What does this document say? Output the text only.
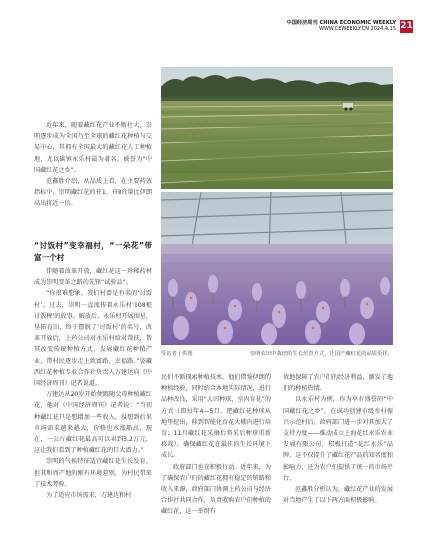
中国经济周刊 CHINA ECONOMIC WEEKLY
WWW.CEWEEKLY.CN 2024.4.15 21
受访者 | 供图	崇明农田中栽培的生长培育方式，让国产藏红花的品质更佳。

近年来，随着藏红花产业不断壮大，崇明逐步成为全国乃至全球的藏红花种植与交易中心，其拥有全国最大的藏红花人工种植地，尤以碳镇永乐村最为著名。被誉为“中国藏红花之乡”。

范鑫胜介绍，从品质上看，在主要药效指标中，崇明藏红花的苷1、苷Ⅱ含量比伊朗高出将近一倍。

“讨饭村”变幸福村，“一朵花”带富一个村

伴随着改革开放，藏红花这一珍稀药材成为崇明变革之路的先锋“试验品”。

“你很难想象，我们村曾是有名的‘讨饭村’。过去，崇明一直流传着永乐村‘108根讨饭棒’的故事。解放后，永乐村开展围垦，垦拓良田，终于摆脱了‘讨饭村’的名号，改革开放后，上药公司对永乐村给对帮扶，帮其改变传统种植方式，发展藏红花种植产业，带村民逐步走上致富路、幸福路。”姿藏西红花种植专业合作社负责人万建达向《中国经济周刊》记者说道。

万建达从20岁开始便跟随父母种植藏红花，他对《中国经济周刊》记者说：“当初种藏红花只是想增加一些收入，没想到后来市场需求越来越大，价格也水涨船高，现在，一公斤藏红花最高可以卖到3.2万元，这让我们看到了种植藏红花的巨大潜力。”

崇明的气候特征适宜藏红花生长发育，但其和周产地的刚有环境差别，为村民带来了技术考验。

为了适应市场需求，万建达和村

民们不断探索种植技术，他们借鉴伊朗的种植经验，同时结合本地实际情况，进行品种改良，采用“大田种球、室内育花”的方式（即每年4—5月，把藏红花种球从地里挖出，移到智能化育花大棚内进行培育；11月藏红花采摘后将采后种球重新移栽），确保藏红花在最佳的生长环境下成长。

政府部门也在积极行动。近年来，为了确保农户们的藏红花拥有稳定的销路和收入来源，政府部门协调上药公司与经济合作社共同合作，负责收购农户们种植的藏红花，这一举措有

效地保障了农户们的经济利益，激发了他们的种植热情。

以永乐村为例，作为享有盛誉的“中国藏红花之乡”，在成功创建市级乡村振兴示范村后，政府部门进一步对其加大了支持力度——推动成立上海花红永乐农业发展有限公司，积极打造“花红永乐”品牌，这不仅提升了藏红花产品的知名度和影响力，还为农户们提供了统一的市场平台。

范鑫胜分析认为，藏红花产业的发展对当地产生了以下两方面积极影响。
